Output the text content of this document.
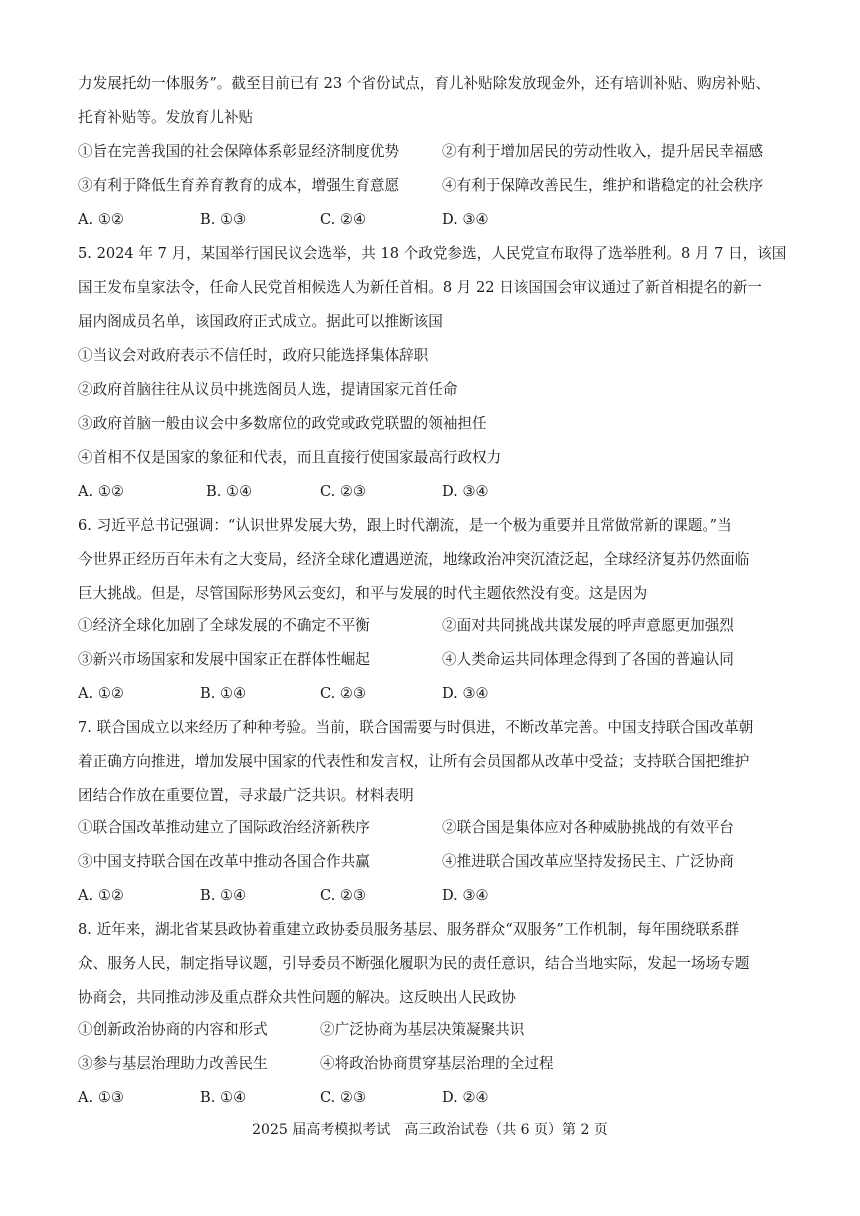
力发展托幼一体服务”。截至目前已有 23 个省份试点，育儿补贴除发放现金外，还有培训补贴、购房补贴、

托育补贴等。发放育儿补贴

①旨在完善我国的社会保障体系彰显经济制度优势	②有利于增加居民的劳动性收入，提升居民幸福感

③有利于降低生育养育教育的成本，增强生育意愿	④有利于保障改善民生，维护和谐稳定的社会秩序

A. ①②	B. ①③	C. ②④	D. ③④

5. 2024 年 7 月，某国举行国民议会选举，共 18 个政党参选，人民党宣布取得了选举胜利。8 月 7 日，该国

国王发布皇家法令，任命人民党首相候选人为新任首相。8 月 22 日该国国会审议通过了新首相提名的新一

届内阁成员名单，该国政府正式成立。据此可以推断该国

①当议会对政府表示不信任时，政府只能选择集体辞职

②政府首脑往往从议员中挑选阁员人选，提请国家元首任命

③政府首脑一般由议会中多数席位的政党或政党联盟的领袖担任

④首相不仅是国家的象征和代表，而且直接行使国家最高行政权力

A. ①②	B. ①④	C. ②③	D. ③④

6. 习近平总书记强调：“认识世界发展大势，跟上时代潮流，是一个极为重要并且常做常新的课题。”当

今世界正经历百年未有之大变局，经济全球化遭遇逆流，地缘政治冲突沉渣泛起，全球经济复苏仍然面临

巨大挑战。但是，尽管国际形势风云变幻，和平与发展的时代主题依然没有变。这是因为

①经济全球化加剧了全球发展的不确定不平衡	②面对共同挑战共谋发展的呼声意愿更加强烈

③新兴市场国家和发展中国家正在群体性崛起	④人类命运共同体理念得到了各国的普遍认同

A. ①②	B. ①④	C. ②③	D. ③④

7. 联合国成立以来经历了种种考验。当前，联合国需要与时俱进，不断改革完善。中国支持联合国改革朝

着正确方向推进，增加发展中国家的代表性和发言权，让所有会员国都从改革中受益；支持联合国把维护

团结合作放在重要位置，寻求最广泛共识。材料表明

①联合国改革推动建立了国际政治经济新秩序	②联合国是集体应对各种威胁挑战的有效平台

③中国支持联合国在改革中推动各国合作共赢	④推进联合国改革应坚持发扬民主、广泛协商

A. ①②	B. ①④	C. ②③	D. ③④

8. 近年来，湖北省某县政协着重建立政协委员服务基层、服务群众“双服务”工作机制，每年围绕联系群

众、服务人民，制定指导议题，引导委员不断强化履职为民的责任意识，结合当地实际，发起一场场专题

协商会，共同推动涉及重点群众共性问题的解决。这反映出人民政协

①创新政治协商的内容和形式	②广泛协商为基层决策凝聚共识

③参与基层治理助力改善民生	④将政治协商贯穿基层治理的全过程

A. ①③	B. ①④	C. ②③	D. ②④

2025 届高考模拟考试　高三政治试卷（共 6 页）第 2 页
